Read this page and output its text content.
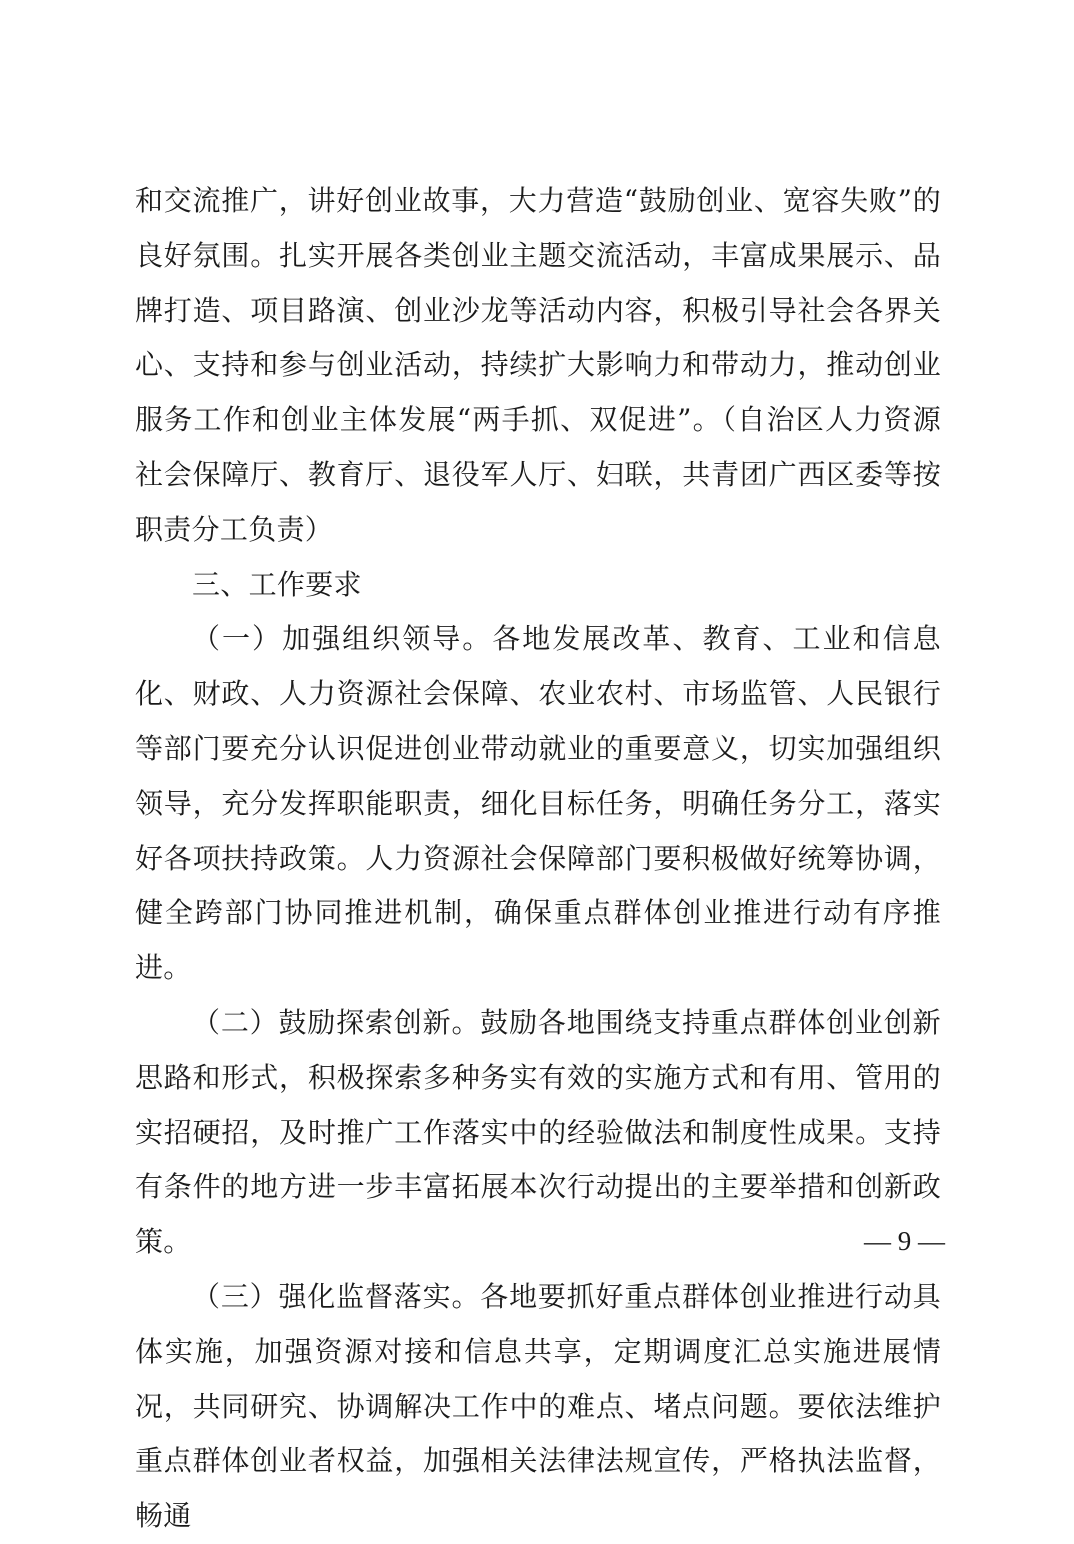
和交流推广，讲好创业故事，大力营造“鼓励创业、宽容失败”的良好氛围。扎实开展各类创业主题交流活动，丰富成果展示、品牌打造、项目路演、创业沙龙等活动内容，积极引导社会各界关心、支持和参与创业活动，持续扩大影响力和带动力，推动创业服务工作和创业主体发展“两手抓、双促进”。（自治区人力资源社会保障厅、教育厅、退役军人厅、妇联，共青团广西区委等按职责分工负责）

三、工作要求

（一）加强组织领导。各地发展改革、教育、工业和信息化、财政、人力资源社会保障、农业农村、市场监管、人民银行等部门要充分认识促进创业带动就业的重要意义，切实加强组织领导，充分发挥职能职责，细化目标任务，明确任务分工，落实好各项扶持政策。人力资源社会保障部门要积极做好统筹协调，健全跨部门协同推进机制，确保重点群体创业推进行动有序推进。

（二）鼓励探索创新。鼓励各地围绕支持重点群体创业创新思路和形式，积极探索多种务实有效的实施方式和有用、管用的实招硬招，及时推广工作落实中的经验做法和制度性成果。支持有条件的地方进一步丰富拓展本次行动提出的主要举措和创新政策。

（三）强化监督落实。各地要抓好重点群体创业推进行动具体实施，加强资源对接和信息共享，定期调度汇总实施进展情况，共同研究、协调解决工作中的难点、堵点问题。要依法维护重点群体创业者权益，加强相关法律法规宣传，严格执法监督，畅通

— 9 —
